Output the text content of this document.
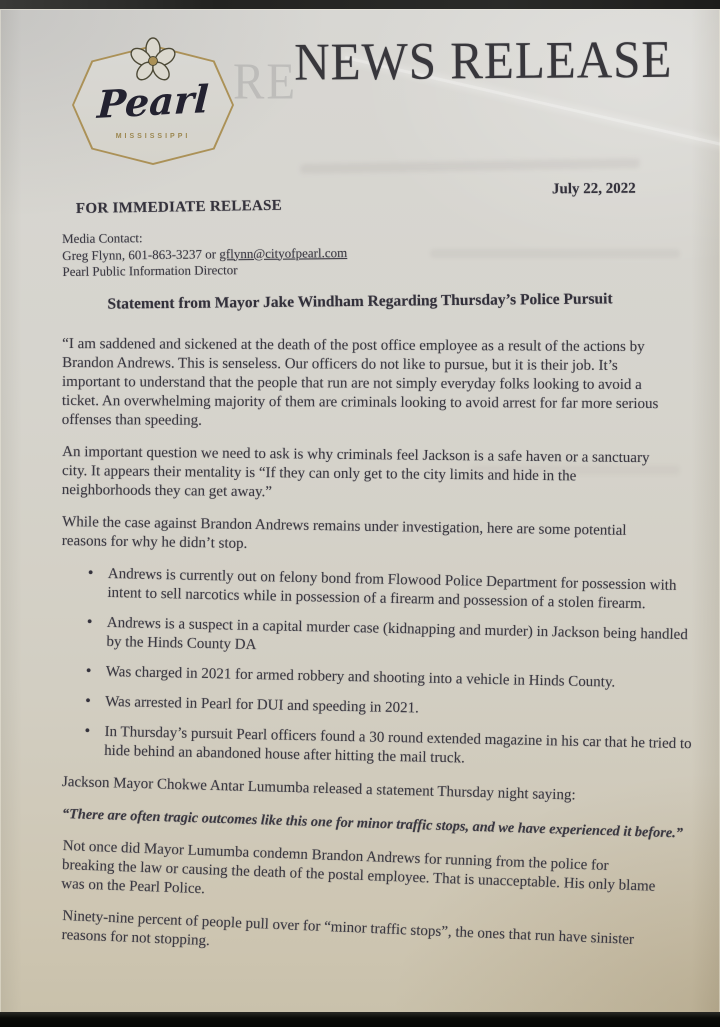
RE
Pearl
MISSISSIPPI
NEWS RELEASE
July 22, 2022
FOR IMMEDIATE RELEASE
Media Contact:
Greg Flynn, 601-863-3237 or gflynn@cityofpearl.com
Pearl Public Information Director
Statement from Mayor Jake Windham Regarding Thursday’s Police Pursuit

“I am saddened and sickened at the death of the post office employee as a result of the actions by Brandon Andrews. This is senseless. Our officers do not like to pursue, but it is their job. It’s important to understand that the people that run are not simply everyday folks looking to avoid a ticket. An overwhelming majority of them are criminals looking to avoid arrest for far more serious offenses than speeding.

An important question we need to ask is why criminals feel Jackson is a safe haven or a sanctuary city. It appears their mentality is “If they can only get to the city limits and hide in the neighborhoods they can get away.”

While the case against Brandon Andrews remains under investigation, here are some potential reasons for why he didn’t stop.

• Andrews is currently out on felony bond from Flowood Police Department for possession with intent to sell narcotics while in possession of a firearm and possession of a stolen firearm.
• Andrews is a suspect in a capital murder case (kidnapping and murder) in Jackson being handled by the Hinds County DA
• Was charged in 2021 for armed robbery and shooting into a vehicle in Hinds County.
• Was arrested in Pearl for DUI and speeding in 2021.
• In Thursday’s pursuit Pearl officers found a 30 round extended magazine in his car that he tried to hide behind an abandoned house after hitting the mail truck.

Jackson Mayor Chokwe Antar Lumumba released a statement Thursday night saying:

“There are often tragic outcomes like this one for minor traffic stops, and we have experienced it before.”

Not once did Mayor Lumumba condemn Brandon Andrews for running from the police for breaking the law or causing the death of the postal employee. That is unacceptable. His only blame was on the Pearl Police.

Ninety-nine percent of people pull over for “minor traffic stops”, the ones that run have sinister reasons for not stopping.
